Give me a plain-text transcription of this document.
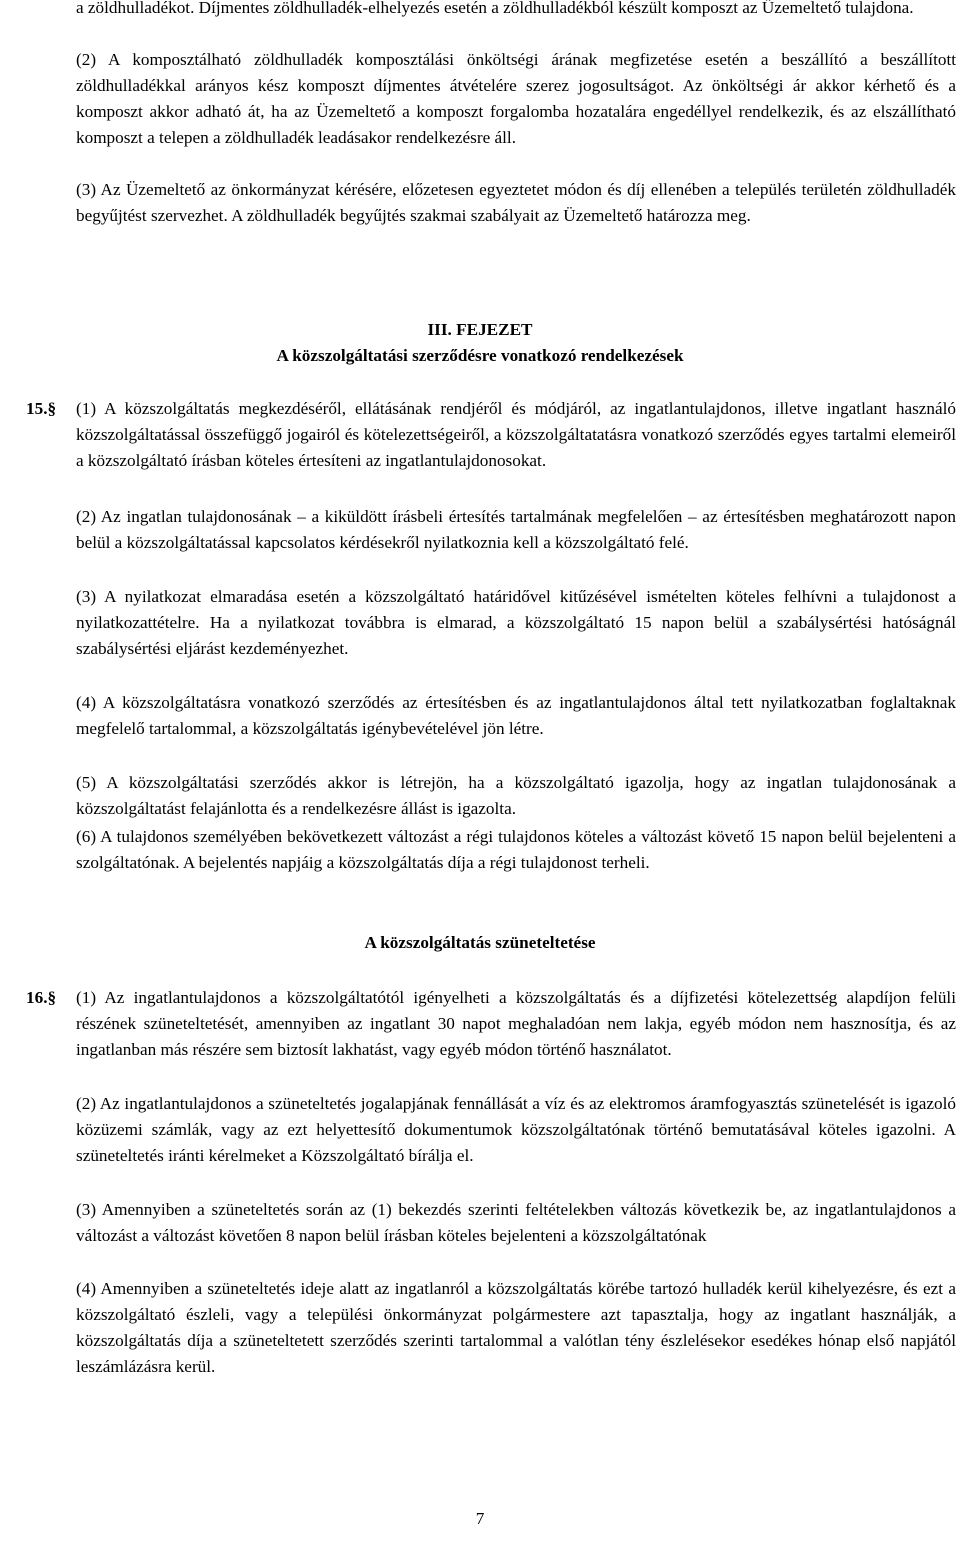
a zöldhulladékot. Díjmentes zöldhulladék-elhelyezés esetén a zöldhulladékból készült komposzt az Üzemeltető tulajdona.

(2) A komposztálható zöldhulladék komposztálási önköltségi árának megfizetése esetén a beszállító a beszállított zöldhulladékkal arányos kész komposzt díjmentes átvételére szerez jogosultságot. Az önköltségi ár akkor kérhető és a komposzt akkor adható át, ha az Üzemeltető a komposzt forgalomba hozatalára engedéllyel rendelkezik, és az elszállítható komposzt a telepen a zöldhulladék leadásakor rendelkezésre áll.

(3) Az Üzemeltető az önkormányzat kérésére, előzetesen egyeztetet módon és díj ellenében a település területén zöldhulladék begyűjtést szervezhet. A zöldhulladék begyűjtés szakmai szabályait az Üzemeltető határozza meg.

III. FEJEZET
A közszolgáltatási szerződésre vonatkozó rendelkezések
15.§ (1) A közszolgáltatás megkezdéséről, ellátásának rendjéről és módjáról, az ingatlantulajdonos, illetve ingatlant használó közszolgáltatással összefüggő jogairól és kötelezettségeiről, a közszolgáltatatásra vonatkozó szerződés egyes tartalmi elemeiről a közszolgáltató írásban köteles értesíteni az ingatlantulajdonosokat.

(2) Az ingatlan tulajdonosának – a kiküldött írásbeli értesítés tartalmának megfelelően – az értesítésben meghatározott napon belül a közszolgáltatással kapcsolatos kérdésekről nyilatkoznia kell a közszolgáltató felé.

(3) A nyilatkozat elmaradása esetén a közszolgáltató határidővel kitűzésével ismételten köteles felhívni a tulajdonost a nyilatkozattételre. Ha a nyilatkozat továbbra is elmarad, a közszolgáltató 15 napon belül a szabálysértési hatóságnál szabálysértési eljárást kezdeményezhet.

(4) A közszolgáltatásra vonatkozó szerződés az értesítésben és az ingatlantulajdonos által tett nyilatkozatban foglaltaknak megfelelő tartalommal, a közszolgáltatás igénybevételével jön létre.

(5) A közszolgáltatási szerződés akkor is létrejön, ha a közszolgáltató igazolja, hogy az ingatlan tulajdonosának a közszolgáltatást felajánlotta és a rendelkezésre állást is igazolta.

(6) A tulajdonos személyében bekövetkezett változást a régi tulajdonos köteles a változást követő 15 napon belül bejelenteni a szolgáltatónak. A bejelentés napjáig a közszolgáltatás díja a régi tulajdonost terheli.

A közszolgáltatás szüneteltetése
16.§ (1) Az ingatlantulajdonos a közszolgáltatótól igényelheti a közszolgáltatás és a díjfizetési kötelezettség alapdíjon felüli részének szüneteltetését, amennyiben az ingatlant 30 napot meghaladóan nem lakja, egyéb módon nem hasznosítja, és az ingatlanban más részére sem biztosít lakhatást, vagy egyéb módon történő használatot.

(2) Az ingatlantulajdonos a szüneteltetés jogalapjának fennállását a víz és az elektromos áramfogyasztás szünetelését is igazoló közüzemi számlák, vagy az ezt helyettesítő dokumentumok közszolgáltatónak történő bemutatásával köteles igazolni. A szüneteltetés iránti kérelmeket a Közszolgáltató bírálja el.

(3) Amennyiben a szüneteltetés során az (1) bekezdés szerinti feltételekben változás következik be, az ingatlantulajdonos a változást a változást követően 8 napon belül írásban köteles bejelenteni a közszolgáltatónak

(4) Amennyiben a szüneteltetés ideje alatt az ingatlanról a közszolgáltatás körébe tartozó hulladék kerül kihelyezésre, és ezt a közszolgáltató észleli, vagy a települési önkormányzat polgármestere azt tapasztalja, hogy az ingatlant használják, a közszolgáltatás díja a szüneteltetett szerződés szerinti tartalommal a valótlan tény észlelésekor esedékes hónap első napjától leszámlázásra kerül.

7
